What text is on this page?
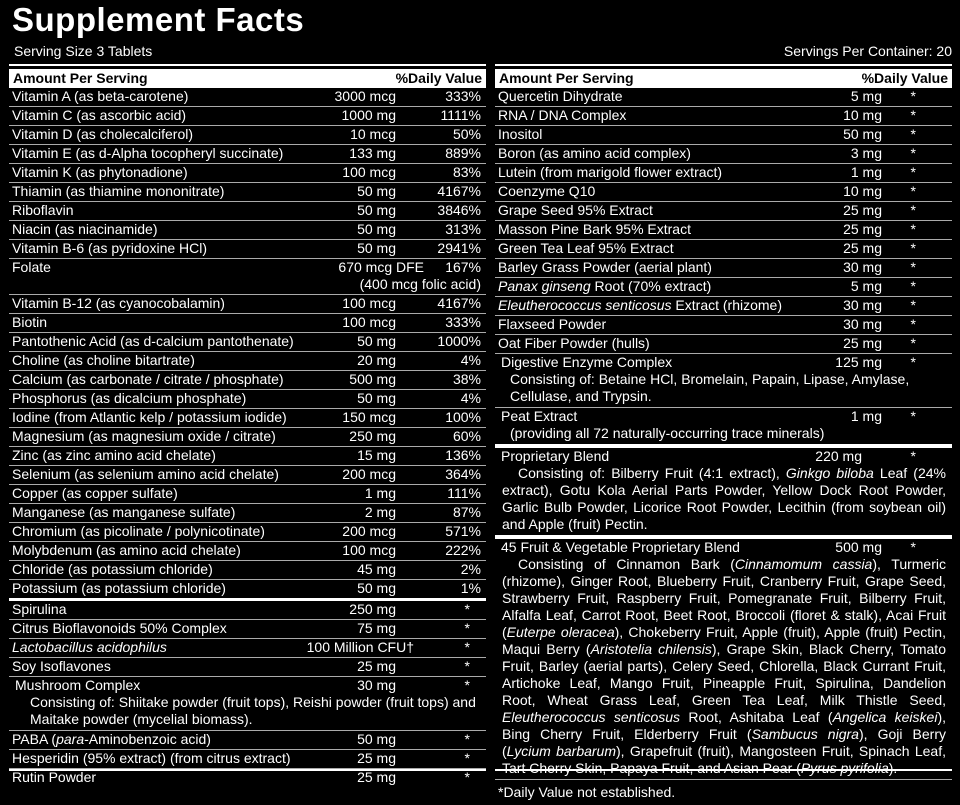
Supplement Facts
Serving Size 3 Tablets	Servings Per Container: 20
Amount Per Serving	%Daily Value
Vitamin A (as beta-carotene)	3000 mcg	333%
Vitamin C (as ascorbic acid)	1000 mg	1111%
Vitamin D (as cholecalciferol)	10 mcg	50%
Vitamin E (as d-Alpha tocopheryl succinate)	133 mg	889%
Vitamin K (as phytonadione)	100 mcg	83%
Thiamin (as thiamine mononitrate)	50 mg	4167%
Riboflavin	50 mg	3846%
Niacin (as niacinamide)	50 mg	313%
Vitamin B-6 (as pyridoxine HCl)	50 mg	2941%
Folate	670 mcg DFE 167%
(400 mcg folic acid)
Vitamin B-12 (as cyanocobalamin)	100 mcg	4167%
Biotin	100 mcg	333%
Pantothenic Acid (as d-calcium pantothenate)	50 mg	1000%
Choline (as choline bitartrate)	20 mg	4%
Calcium (as carbonate / citrate / phosphate)	500 mg	38%
Phosphorus (as dicalcium phosphate)	50 mg	4%
Iodine (from Atlantic kelp / potassium iodide)	150 mcg	100%
Magnesium (as magnesium oxide / citrate)	250 mg	60%
Zinc (as zinc amino acid chelate)	15 mg	136%
Selenium (as selenium amino acid chelate)	200 mcg	364%
Copper (as copper sulfate)	1 mg	111%
Manganese (as manganese sulfate)	2 mg	87%
Chromium (as picolinate / polynicotinate)	200 mcg	571%
Molybdenum (as amino acid chelate)	100 mcg	222%
Chloride (as potassium chloride)	45 mg	2%
Potassium (as potassium chloride)	50 mg	1%
Spirulina	250 mg	*
Citrus Bioflavonoids 50% Complex	75 mg	*
Lactobacillus acidophilus	100 Million CFU†	*
Soy Isoflavones	25 mg	*
Mushroom Complex	30 mg	*
Consisting of: Shiitake powder (fruit tops), Reishi powder (fruit tops) and Maitake powder (mycelial biomass).
PABA (para-Aminobenzoic acid)	50 mg	*
Hesperidin (95% extract) (from citrus extract)	25 mg	*
Rutin Powder	25 mg	*
Amount Per Serving	%Daily Value
Quercetin Dihydrate	5 mg *
RNA / DNA Complex	10 mg *
Inositol	50 mg *
Boron (as amino acid complex)	3 mg *
Lutein (from marigold flower extract)	1 mg *
Coenzyme Q10	10 mg *
Grape Seed 95% Extract	25 mg *
Masson Pine Bark 95% Extract	25 mg *
Green Tea Leaf 95% Extract	25 mg *
Barley Grass Powder (aerial plant)	30 mg *
Panax ginseng Root (70% extract)	5 mg *
Eleutherococcus senticosus Extract (rhizome)	30 mg *
Flaxseed Powder	30 mg *
Oat Fiber Powder (hulls)	25 mg *
Digestive Enzyme Complex	125 mg *
Consisting of: Betaine HCl, Bromelain, Papain, Lipase, Amylase, Cellulase, and Trypsin.
Peat Extract	1 mg *
(providing all 72 naturally-occurring trace minerals)
Proprietary Blend	220 mg	*
Consisting of: Bilberry Fruit (4:1 extract), Ginkgo biloba Leaf (24% extract), Gotu Kola Aerial Parts Powder, Yellow Dock Root Powder, Garlic Bulb Powder, Licorice Root Powder, Lecithin (from soybean oil) and Apple (fruit) Pectin.
45 Fruit & Vegetable Proprietary Blend	500 mg *
Consisting of Cinnamon Bark (Cinnamomum cassia), Turmeric (rhizome), Ginger Root, Blueberry Fruit, Cranberry Fruit, Grape Seed, Strawberry Fruit, Raspberry Fruit, Pomegranate Fruit, Bilberry Fruit, Alfalfa Leaf, Carrot Root, Beet Root, Broccoli (floret & stalk), Acai Fruit (Euterpe oleracea), Chokeberry Fruit, Apple (fruit), Apple (fruit) Pectin, Maqui Berry (Aristotelia chilensis), Grape Skin, Black Cherry, Tomato Fruit, Barley (aerial parts), Celery Seed, Chlorella, Black Currant Fruit, Artichoke Leaf, Mango Fruit, Pineapple Fruit, Spirulina, Dandelion Root, Wheat Grass Leaf, Green Tea Leaf, Milk Thistle Seed, Eleutherococcus senticosus Root, Ashitaba Leaf (Angelica keiskei), Bing Cherry Fruit, Elderberry Fruit (Sambucus nigra), Goji Berry (Lycium barbarum), Grapefruit (fruit), Mangosteen Fruit, Spinach Leaf, Tart Cherry Skin, Papaya Fruit, and Asian Pear (Pyrus pyrifolia).
*Daily Value not established.
